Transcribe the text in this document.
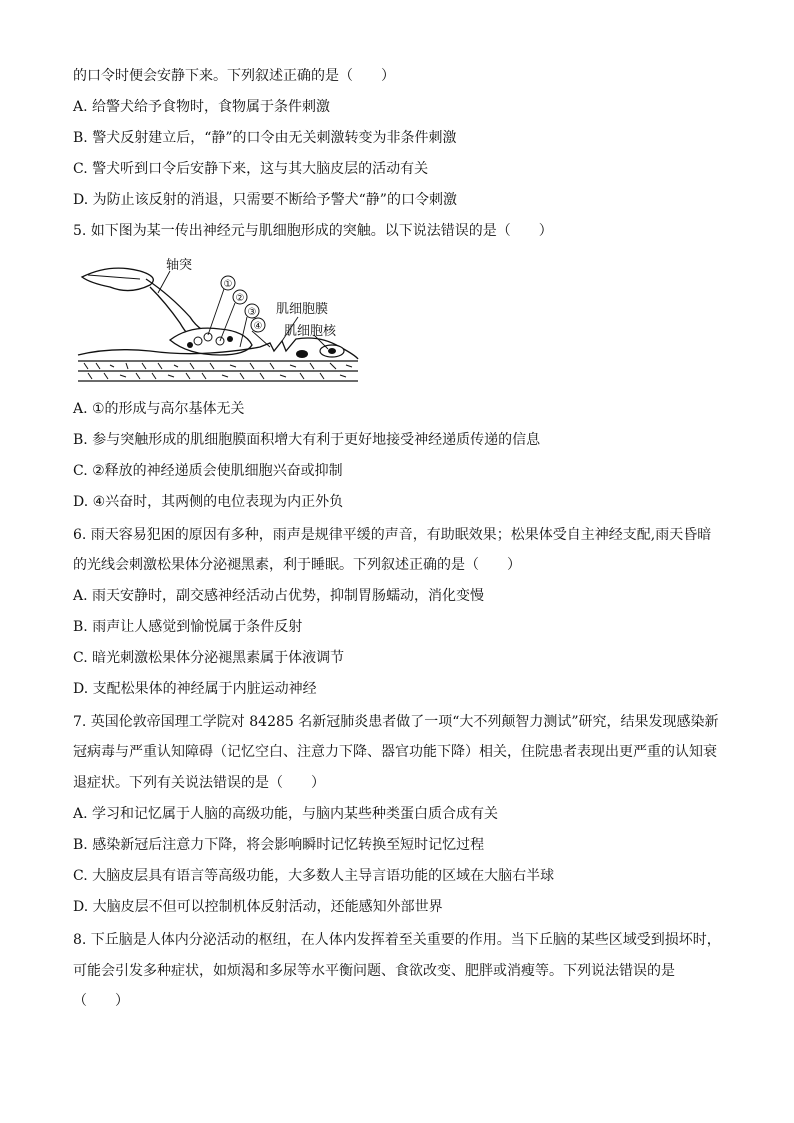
的口令时便会安静下来。下列叙述正确的是（　　）
A. 给警犬给予食物时，食物属于条件刺激
B. 警犬反射建立后，“静”的口令由无关刺激转变为非条件刺激
C. 警犬听到口令后安静下来，这与其大脑皮层的活动有关
D. 为防止该反射的消退，只需要不断给予警犬“静”的口令刺激
5. 如下图为某一传出神经元与肌细胞形成的突触。以下说法错误的是（　　）
①
②
③
④
轴突
肌细胞膜
肌细胞核
A. ①的形成与高尔基体无关
B. 参与突触形成的肌细胞膜面积增大有利于更好地接受神经递质传递的信息
C. ②释放的神经递质会使肌细胞兴奋或抑制
D. ④兴奋时，其两侧的电位表现为内正外负
6. 雨天容易犯困的原因有多种，雨声是规律平缓的声音，有助眠效果；松果体受自主神经支配,雨天昏暗
的光线会刺激松果体分泌褪黑素，利于睡眠。下列叙述正确的是（　　）
A. 雨天安静时，副交感神经活动占优势，抑制胃肠蠕动，消化变慢
B. 雨声让人感觉到愉悦属于条件反射
C. 暗光刺激松果体分泌褪黑素属于体液调节
D. 支配松果体的神经属于内脏运动神经
7. 英国伦敦帝国理工学院对 84285 名新冠肺炎患者做了一项“大不列颠智力测试”研究，结果发现感染新
冠病毒与严重认知障碍（记忆空白、注意力下降、器官功能下降）相关，住院患者表现出更严重的认知衰
退症状。下列有关说法错误的是（　　）
A. 学习和记忆属于人脑的高级功能，与脑内某些种类蛋白质合成有关
B. 感染新冠后注意力下降，将会影响瞬时记忆转换至短时记忆过程
C. 大脑皮层具有语言等高级功能，大多数人主导言语功能的区域在大脑右半球
D. 大脑皮层不但可以控制机体反射活动，还能感知外部世界
8. 下丘脑是人体内分泌活动的枢纽，在人体内发挥着至关重要的作用。当下丘脑的某些区域受到损坏时，
可能会引发多种症状，如烦渴和多尿等水平衡问题、食欲改变、肥胖或消瘦等。下列说法错误的是
（　　）
